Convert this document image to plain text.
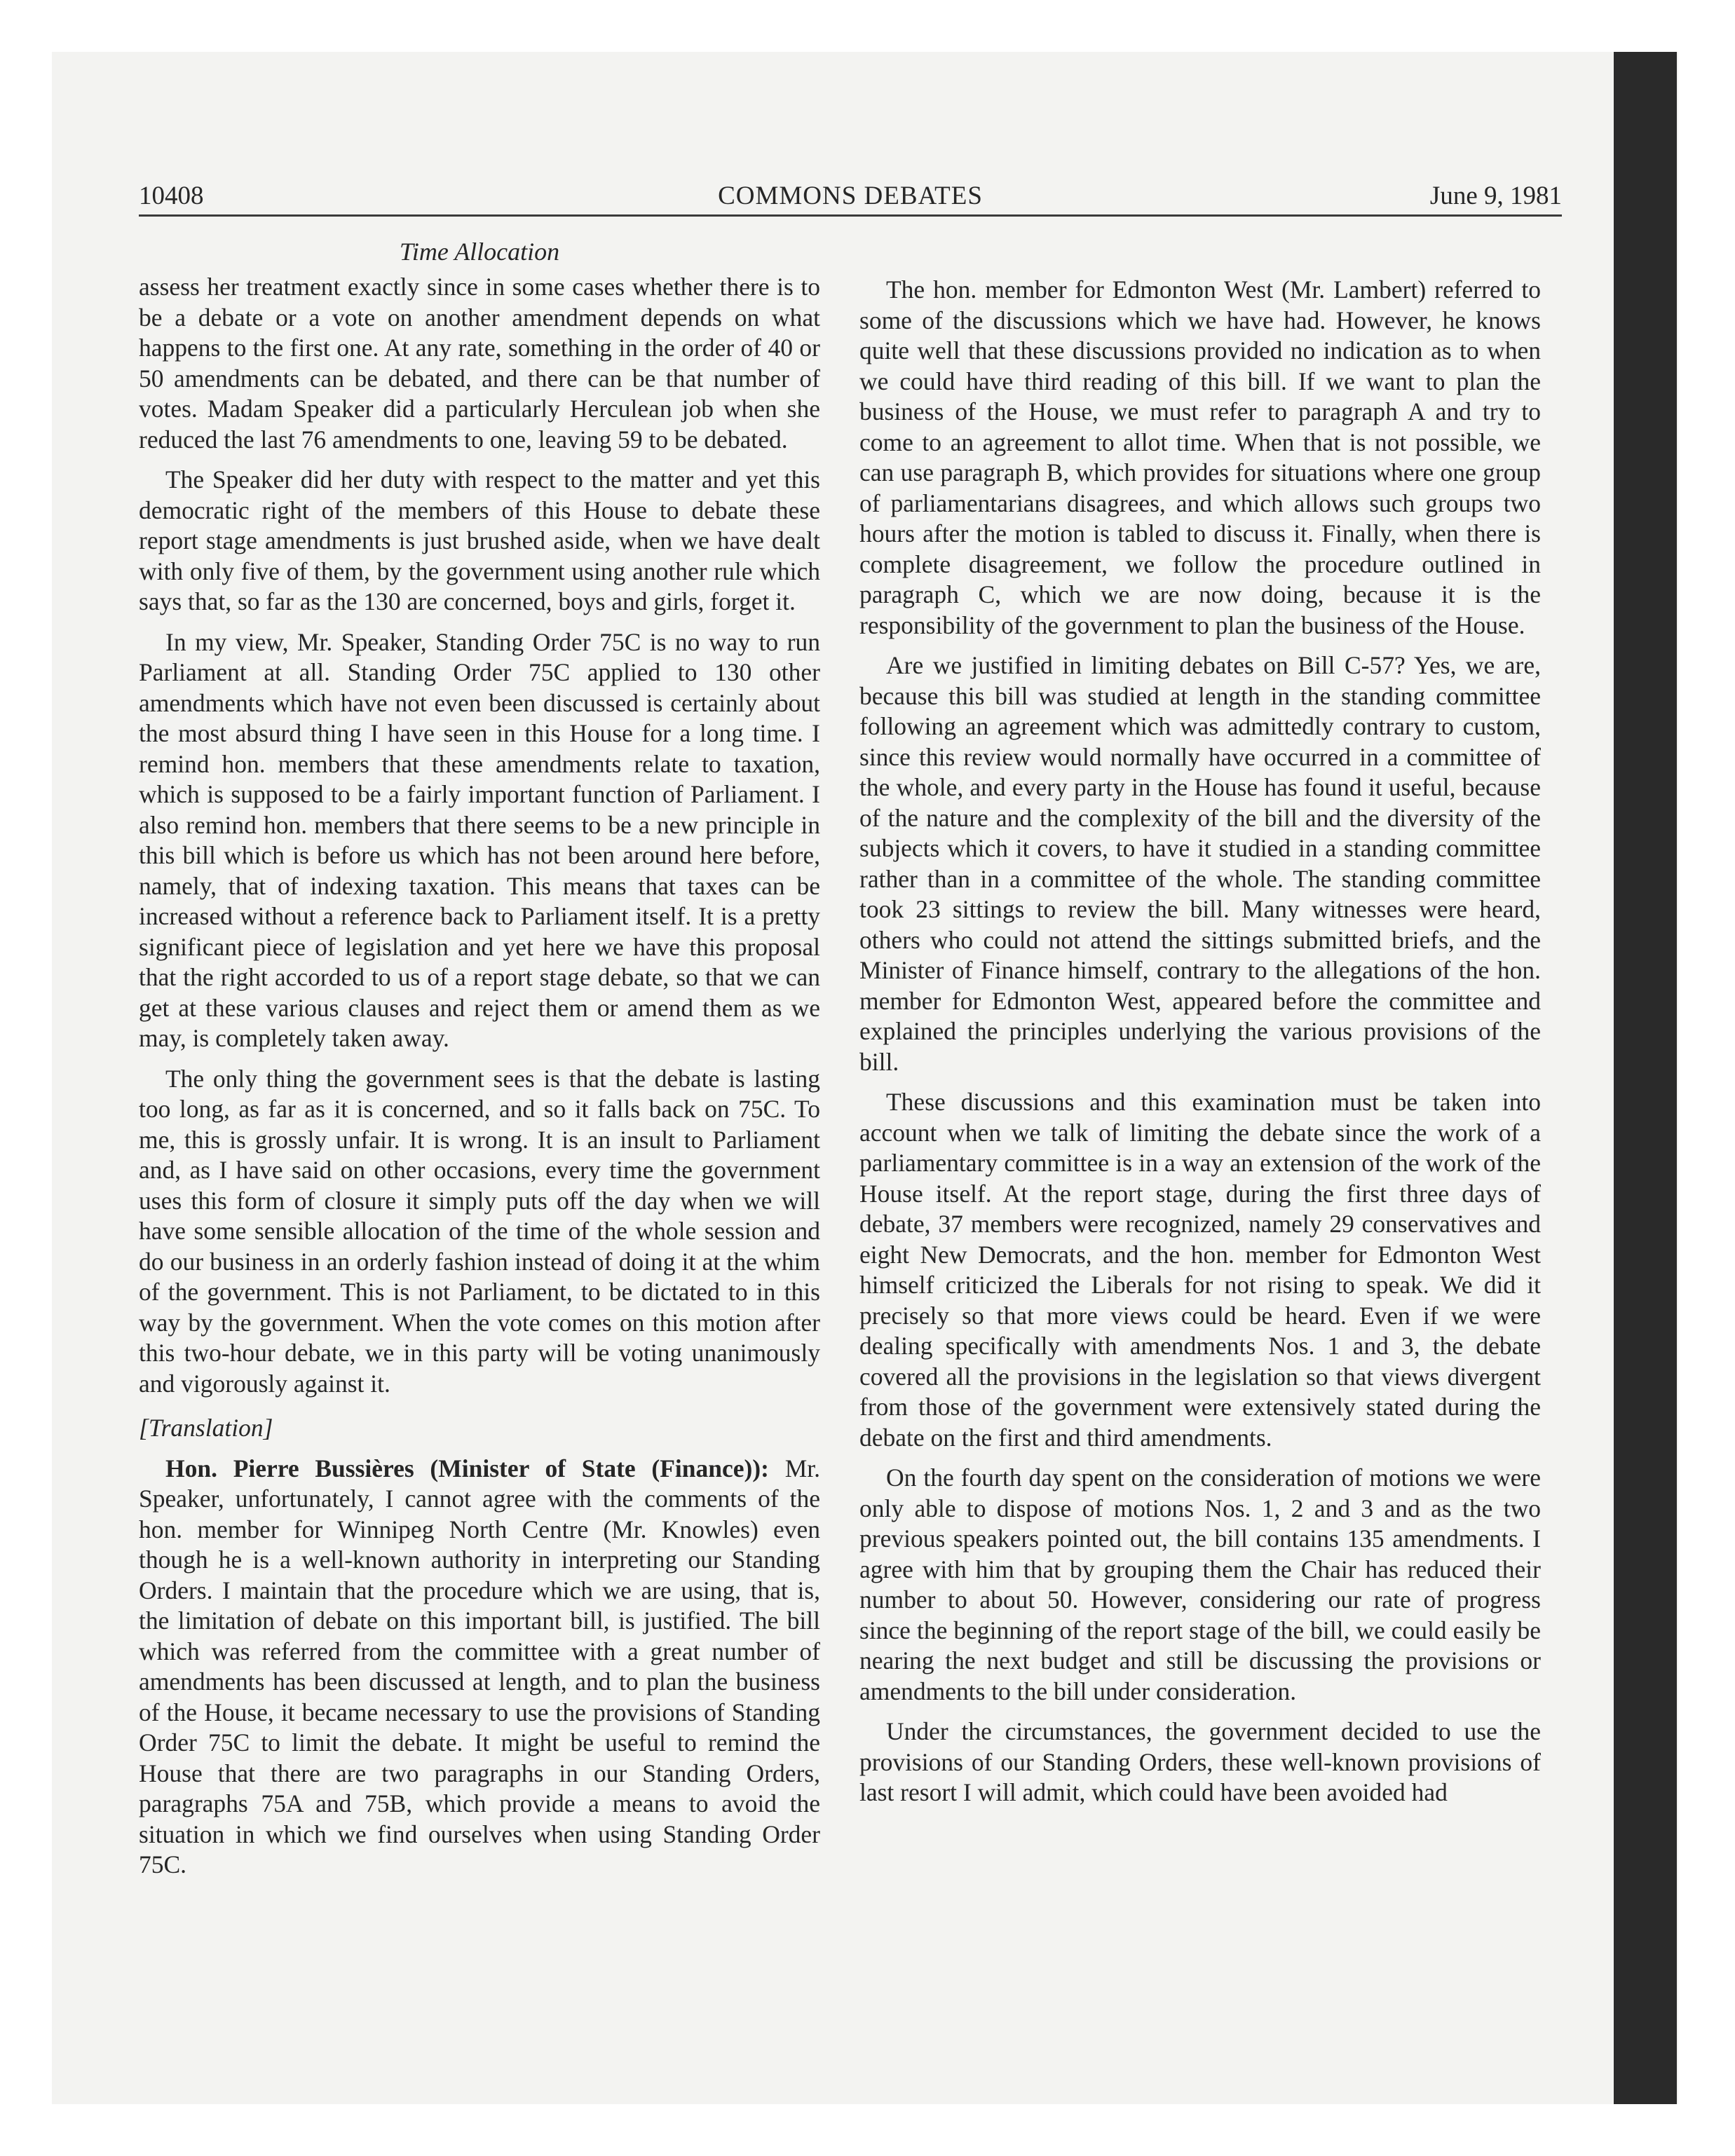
10408	COMMONS DEBATES	June 9, 1981
Time Allocation

assess her treatment exactly since in some cases whether there is to be a debate or a vote on another amendment depends on what happens to the first one. At any rate, something in the order of 40 or 50 amendments can be debated, and there can be that number of votes. Madam Speaker did a particularly Herculean job when she reduced the last 76 amendments to one, leaving 59 to be debated.

The Speaker did her duty with respect to the matter and yet this democratic right of the members of this House to debate these report stage amendments is just brushed aside, when we have dealt with only five of them, by the government using another rule which says that, so far as the 130 are concerned, boys and girls, forget it.

In my view, Mr. Speaker, Standing Order 75C is no way to run Parliament at all. Standing Order 75C applied to 130 other amendments which have not even been discussed is certainly about the most absurd thing I have seen in this House for a long time. I remind hon. members that these amendments relate to taxation, which is supposed to be a fairly important function of Parliament. I also remind hon. members that there seems to be a new principle in this bill which is before us which has not been around here before, namely, that of indexing taxation. This means that taxes can be increased without a reference back to Parliament itself. It is a pretty significant piece of legislation and yet here we have this proposal that the right accorded to us of a report stage debate, so that we can get at these various clauses and reject them or amend them as we may, is completely taken away.

The only thing the government sees is that the debate is lasting too long, as far as it is concerned, and so it falls back on 75C. To me, this is grossly unfair. It is wrong. It is an insult to Parliament and, as I have said on other occasions, every time the government uses this form of closure it simply puts off the day when we will have some sensible allocation of the time of the whole session and do our business in an orderly fashion instead of doing it at the whim of the government. This is not Parliament, to be dictated to in this way by the government. When the vote comes on this motion after this two-hour debate, we in this party will be voting unanimously and vigorously against it.

[Translation]

Hon. Pierre Bussières (Minister of State (Finance)): Mr. Speaker, unfortunately, I cannot agree with the comments of the hon. member for Winnipeg North Centre (Mr. Knowles) even though he is a well-known authority in interpreting our Standing Orders. I maintain that the procedure which we are using, that is, the limitation of debate on this important bill, is justified. The bill which was referred from the committee with a great number of amendments has been discussed at length, and to plan the business of the House, it became necessary to use the provisions of Standing Order 75C to limit the debate. It might be useful to remind the House that there are two paragraphs in our Standing Orders, paragraphs 75A and 75B, which provide a means to avoid the situation in which we find ourselves when using Standing Order 75C.

The hon. member for Edmonton West (Mr. Lambert) referred to some of the discussions which we have had. However, he knows quite well that these discussions provided no indication as to when we could have third reading of this bill. If we want to plan the business of the House, we must refer to paragraph A and try to come to an agreement to allot time. When that is not possible, we can use paragraph B, which provides for situations where one group of parliamentarians disagrees, and which allows such groups two hours after the motion is tabled to discuss it. Finally, when there is complete disagreement, we follow the procedure outlined in paragraph C, which we are now doing, because it is the responsibility of the government to plan the business of the House.

Are we justified in limiting debates on Bill C-57? Yes, we are, because this bill was studied at length in the standing committee following an agreement which was admittedly contrary to custom, since this review would normally have occurred in a committee of the whole, and every party in the House has found it useful, because of the nature and the complexity of the bill and the diversity of the subjects which it covers, to have it studied in a standing committee rather than in a committee of the whole. The standing committee took 23 sittings to review the bill. Many witnesses were heard, others who could not attend the sittings submitted briefs, and the Minister of Finance himself, contrary to the allegations of the hon. member for Edmonton West, appeared before the committee and explained the principles underlying the various provisions of the bill.

These discussions and this examination must be taken into account when we talk of limiting the debate since the work of a parliamentary committee is in a way an extension of the work of the House itself. At the report stage, during the first three days of debate, 37 members were recognized, namely 29 conservatives and eight New Democrats, and the hon. member for Edmonton West himself criticized the Liberals for not rising to speak. We did it precisely so that more views could be heard. Even if we were dealing specifically with amendments Nos. 1 and 3, the debate covered all the provisions in the legislation so that views divergent from those of the government were extensively stated during the debate on the first and third amendments.

On the fourth day spent on the consideration of motions we were only able to dispose of motions Nos. 1, 2 and 3 and as the two previous speakers pointed out, the bill contains 135 amendments. I agree with him that by grouping them the Chair has reduced their number to about 50. However, considering our rate of progress since the beginning of the report stage of the bill, we could easily be nearing the next budget and still be discussing the provisions or amendments to the bill under consideration.

Under the circumstances, the government decided to use the provisions of our Standing Orders, these well-known provisions of last resort I will admit, which could have been avoided had
